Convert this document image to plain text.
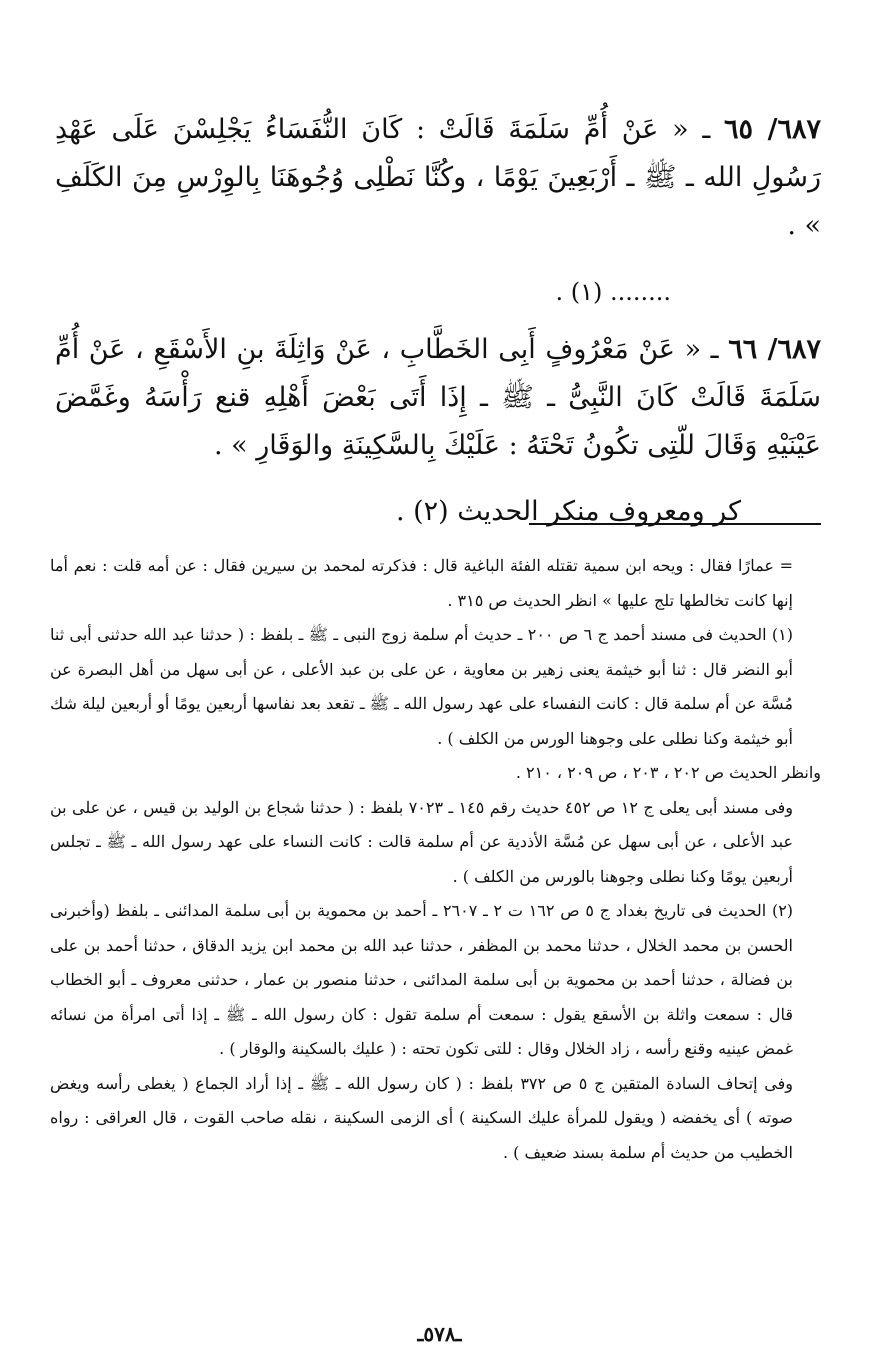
٦٨٧/ ٦٥ ـ « عَنْ أُمِّ سَلَمَةَ قَالَتْ : كَانَ النُّفَسَاءُ يَجْلِسْنَ عَلَى عَهْدِ رَسُولِ الله ـ ﷺ ـ أَرْبَعِينَ يَوْمًا ، وكُنَّا نَطْلِى وُجُوهَنَا بِالوِرْسِ مِنَ الكَلَفِ » .

........ (١) .

٦٨٧/ ٦٦ ـ « عَنْ مَعْرُوفٍ أَبِى الخَطَّابِ ، عَنْ وَاثِلَةَ بنِ الأَسْقَعِ ، عَنْ أُمِّ سَلَمَةَ قَالَتْ كَانَ النَّبِىُّ ـ ﷺ ـ إِذَا أَتَى بَعْضَ أَهْلِهِ قنع رَأْسَهُ وغَمَّضَ عَيْنَيْهِ وَقَالَ للّتِى تكُونُ تَحْتَهُ : عَلَيْكَ بِالسَّكِينَةِ والوَقَارِ » .

كر ومعروف منكر الحديث (٢) .

= عمارًا فقال : ويحه ابن سمية تقتله الفئة الباغية قال : فذكرته لمحمد بن سيرين فقال : عن أمه قلت : نعم أما إنها كانت تخالطها تلج عليها » انظر الحديث ص ٣١٥ .

(١) الحديث فى مسند أحمد ج ٦ ص ٢٠٠ ـ حديث أم سلمة زوج النبى ـ ﷺ ـ بلفظ : ( حدثنا عبد الله حدثنى أبى ثنا أبو النضر قال : ثنا أبو خيثمة يعنى زهير بن معاوية ، عن على بن عبد الأعلى ، عن أبى سهل من أهل البصرة عن مُسَّة عن أم سلمة قال : كانت النفساء على عهد رسول الله ـ ﷺ ـ تقعد بعد نفاسها أربعين يومًا أو أربعين ليلة شك أبو خيثمة وكنا نطلى على وجوهنا الورس من الكلف ) .

وانظر الحديث ص ٢٠٢ ، ٢٠٣ ، ص ٢٠٩ ، ٢١٠ .

وفى مسند أبى يعلى ج ١٢ ص ٤٥٢ حديث رقم ١٤٥ ـ ٧٠٢٣ بلفظ : ( حدثنا شجاع بن الوليد بن قيس ، عن على بن عبد الأعلى ، عن أبى سهل عن مُسَّة الأذدية عن أم سلمة قالت : كانت النساء على عهد رسول الله ـ ﷺ ـ تجلس أربعين يومًا وكنا نطلى وجوهنا بالورس من الكلف ) .

(٢) الحديث فى تاريخ بغداد ج ٥ ص ١٦٢ ت ٢ ـ ٢٦٠٧ ـ أحمد بن محموية بن أبى سلمة المدائنى ـ بلفظ (وأخبرنى الحسن بن محمد الخلال ، حدثنا محمد بن المظفر ، حدثنا عبد الله بن محمد ابن يزيد الدقاق ، حدثنا أحمد بن على بن فضالة ، حدثنا أحمد بن محموية بن أبى سلمة المدائنى ، حدثنا منصور بن عمار ، حدثنى معروف ـ أبو الخطاب قال : سمعت واثلة بن الأسقع يقول : سمعت أم سلمة تقول : كان رسول الله ـ ﷺ ـ إذا أتى امرأة من نسائه غمض عينيه وقنع رأسه ، زاد الخلال وقال : للتى تكون تحته : ( عليك بالسكينة والوقار ) .

وفى إتحاف السادة المتقين ج ٥ ص ٣٧٢ بلفظ : ( كان رسول الله ـ ﷺ ـ إذا أراد الجماع ( يغطى رأسه ويغض صوته ) أى يخفضه ( ويقول للمرأة عليك السكينة ) أى الزمى السكينة ، نقله صاحب القوت ، قال العراقى : رواه الخطيب من حديث أم سلمة بسند ضعيف ) .

ـ٥٧٨ـ
